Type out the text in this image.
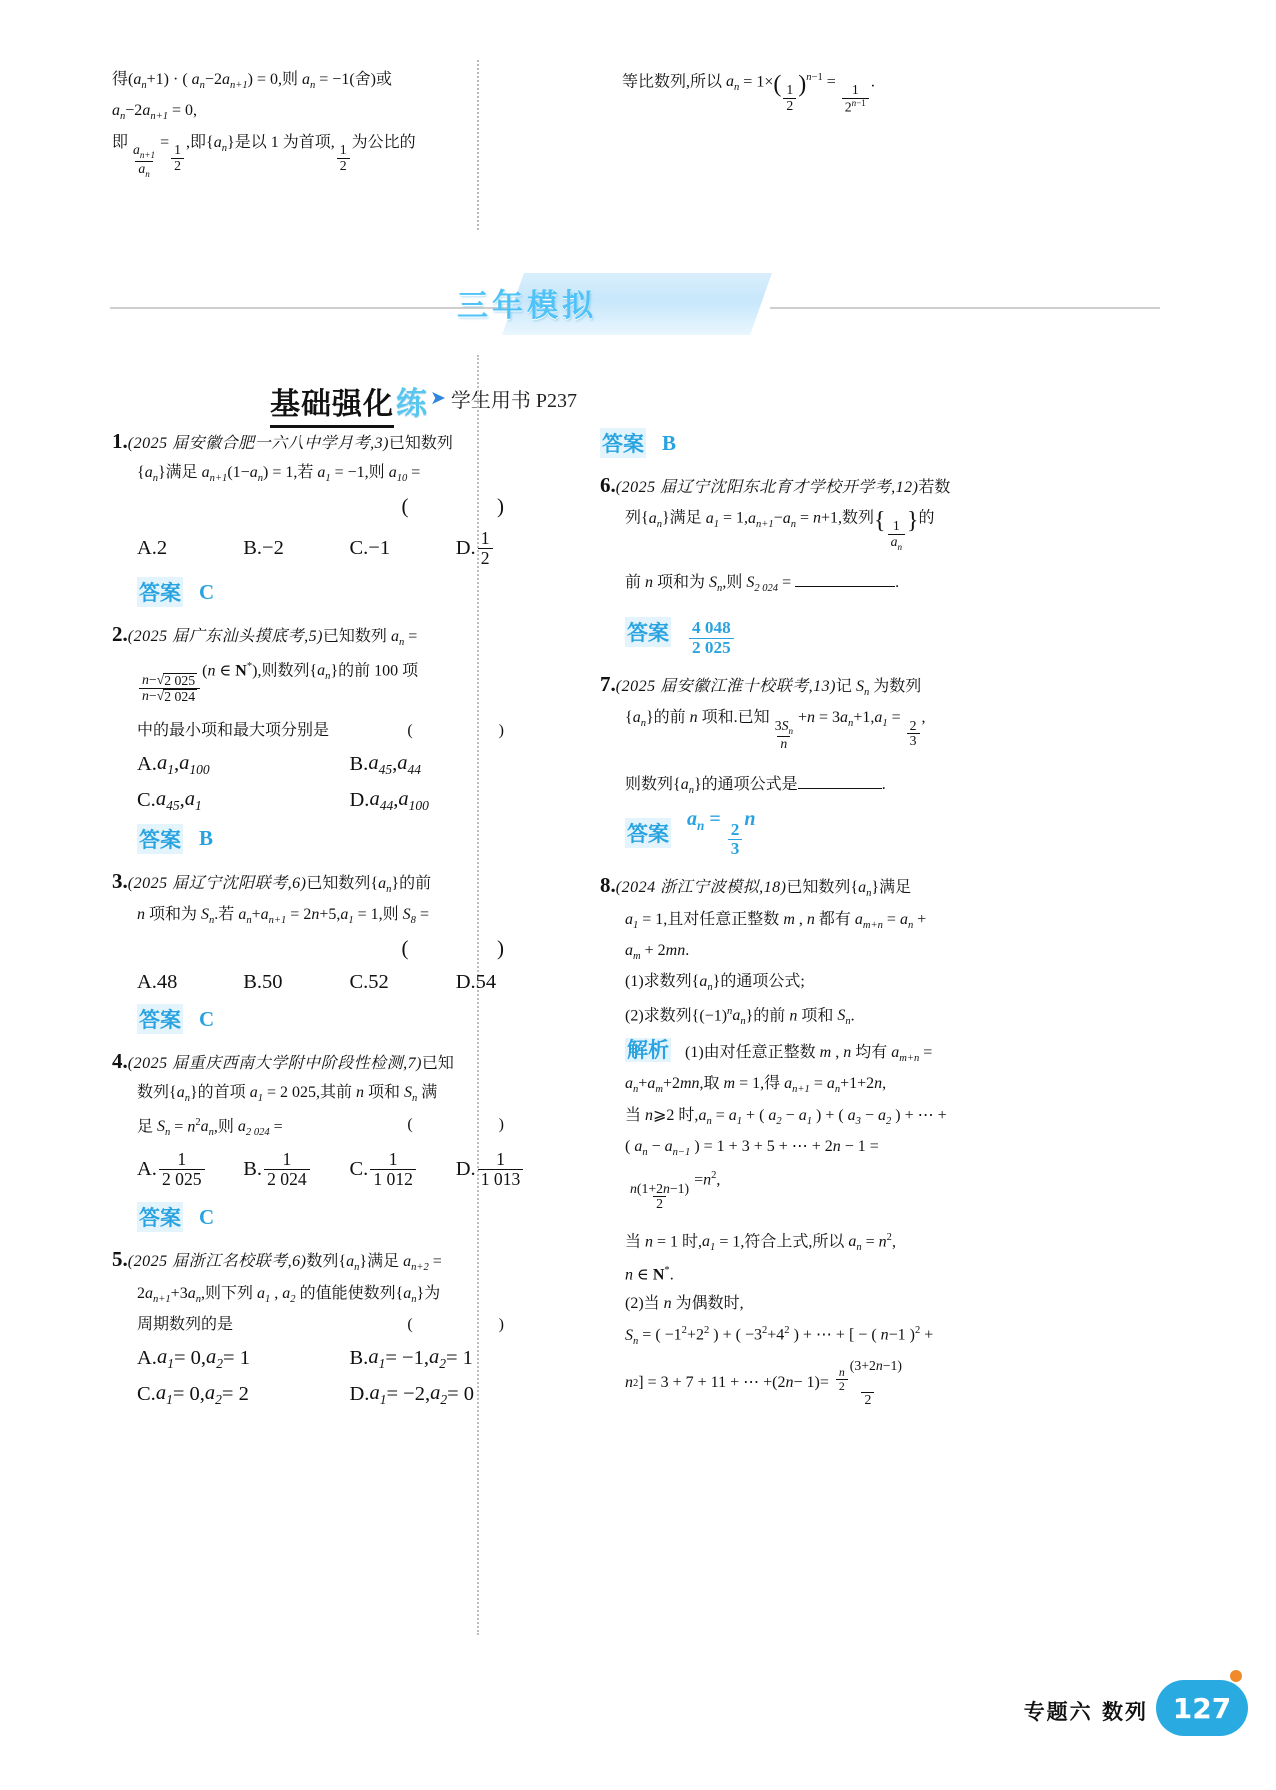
得$(a_n+1)$ · ( $a_n-2a_{n+1}) = 0$,则 $a_n = -1$(舍)或
$a_n-2a_{n+1} = 0$,
即
$\frac{a_{n+1}}{a_n}$
=
$\frac{1}{2}$
,即$\{a_n\}$是以 1 为首项,
$\frac{1}{2}$
为公比的
等比数列,所以 $a_n = 1\times( \frac{1}{2} )^{n-1}$ =
$\frac{1}{2^{n-1}}$
.
三年模拟
基础强化 练 ➤ 学生用书 P237
1.(2025 届安徽合肥一六八中学月考,3)已知数列
$\{a_n\}$满足 $a_{n+1}(1-a_n) = 1$,若 $a_1 = -1$,则 $a_{10}$ =
(  )
A.2	B.−2	C.−1	D. $\frac{1}{2}$
答案 C
2.(2025 届广东汕头摸底考,5)已知数列 $a_n$ =
$\frac{n-√ 2 025}{n-√ 2 024}$
(n ∈ N*),则数列$\{a_n\}$的前 100 项
中的最小项和最大项分别是	(  )
A. $a_1$ , $a_{100}$	B. $a_{45}$ , $a_{44}$
C. $a_{45}$ , $a_1$	D. $a_{44}$ , $a_{100}$
答案 B
3.(2025 届辽宁沈阳联考,6)已知数列$\{a_n\}$的前
n 项和为 $S_n$.若 $a_n+a_{n+1} = 2n+5,a_1 = 1$,则 $S_8$ =
(  )
A.48	B.50	C.52	D.54
答案 C
4.(2025 届重庆西南大学附中阶段性检测,7)已知
数列$\{a_n\}$的首项 $a_1 = 2$ 025,其前 n 项和 $S_n$ 满
足 $S_n = n^2a_n$,则 $a_{2 024}$ =	(  )
A. $\frac{1}{2 025} B$. $\frac{1}{2 024} C$. $\frac{1}{1 012} D$. $\frac{1}{1 013}$
答案 C
5.(2025 届浙江名校联考,6)数列$\{a_n\}$满足 $a_{n+2}$ =
$2a_{n+1}+3a_n$,则下列 $a_1$ , $a_2$ 的值能使数列$\{a_n\}$为
周期数列的是	(  )
A. $a_1 = 0$, $a_2 = 1$	B. $a_1 = -1$, $a_2 = 1$
C. $a_1 = 0$, $a_2 = 2$	D. $a_1 = -2$, $a_2 = 0$
答案 B
6.(2025 届辽宁沈阳东北育才学校开学考,12)若数
列$\{a_n\}$满足 $a_1 = 1,a_{n+1}-a_n = n+1$,数列{ $\frac{1}{a_n}$ }的
前 n 项和为 $S_n$,则 $S_{2 024}$ =	.
答案 $\frac{4 048}{2 025}$
7.(2025 届安徽江淮十校联考,13)记 $S_n$ 为数列
$\{a_n\}$的前 n 项和.已知
$\frac{3S_n}{n}$
$+n = 3a_n+1,a_1$ =
$\frac{2}{3}$
,
则数列$\{a_n\}$的通项公式是	.
答案
$a_n$ =
$\frac{2}{3}$
n
8.(2024 浙江宁波模拟,18)已知数列$\{a_n\}$满足
$a_1 = 1$,且对任意正整数 m , n 都有 $a_{m+n} = a_n$ +
$a_m + 2mn$.
(1)求数列$\{a_n\}$的通项公式;
(2)求数列$\{(-1)^na_n\}$的前 n 项和 $S_n$.
解析 (1)由对任意正整数 m , n 均有 $a_{m+n}$ =
$a_n+a_m+2mn$,取 m = 1,得 $a_{n+1} = a_n+1+2n$,
当 n⩾2 时$,a_n = a_1$ + ( $a_2 - a_1$ ) + ( $a_3 - a_2$ ) + ⋯ +
( $a_n - a_{n-1}$ ) = 1 + 3 + 5 + ⋯ + 2n − 1 =
$\frac{n(1+2n-1)}{2}$
$=n^2$,
当 n = 1 时$,a_1 = 1$,符合上式,所以 $a_n = n^2$,
n ∈ N*.
(2)当 n 为偶数时,
$S_n$ = ( $-1^2+2^2$ ) + ( $-3^2+4^2$ ) + ⋯ + [ − ( n−1 )$^2$ +
n 2 ] = 3 + 7 + 11 + ⋯ + ( 2 n − 1 ) = $\frac{n}{2}$
(3+2n−1)
2
专题六 数列 127
